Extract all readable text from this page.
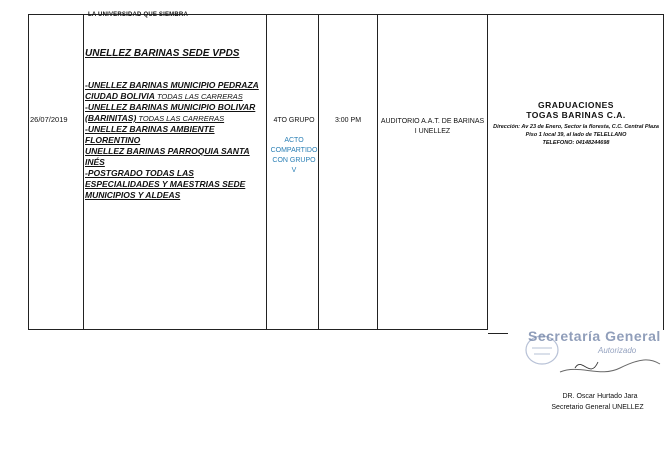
LA UNIVERSIDAD QUE SIEMBRA
26/07/2019
UNELLEZ BARINAS SEDE VPDS
-UNELLEZ BARINAS MUNICIPIO PEDRAZA CIUDAD BOLIVIA TODAS LAS CARRERAS
-UNELLEZ BARINAS MUNICIPIO BOLIVAR (BARINITAS) TODAS LAS CARRERAS
-UNELLEZ BARINAS AMBIENTE FLORENTINO
UNELLEZ BARINAS PARROQUIA SANTA INÉS
-POSTGRADO TODAS LAS ESPECIALIDADES Y MAESTRIAS SEDE MUNICIPIOS Y ALDEAS
4TO GRUPO
ACTO COMPARTIDO CON GRUPO V
3:00 PM	AUDITORIO A.A.T. DE BARINAS I UNELLEZ
GRADUACIONES
TOGAS BARINAS C.A.
Dirección: Av 23 de Enero, Sector la floresta, C.C. Central Plaza Piso 1 local 39, al lado de TELELLANO
TELEFONO: 04148244698
Secretaría General
Autorizado
DR. Oscar Hurtado Jara
Secretario General UNELLEZ
